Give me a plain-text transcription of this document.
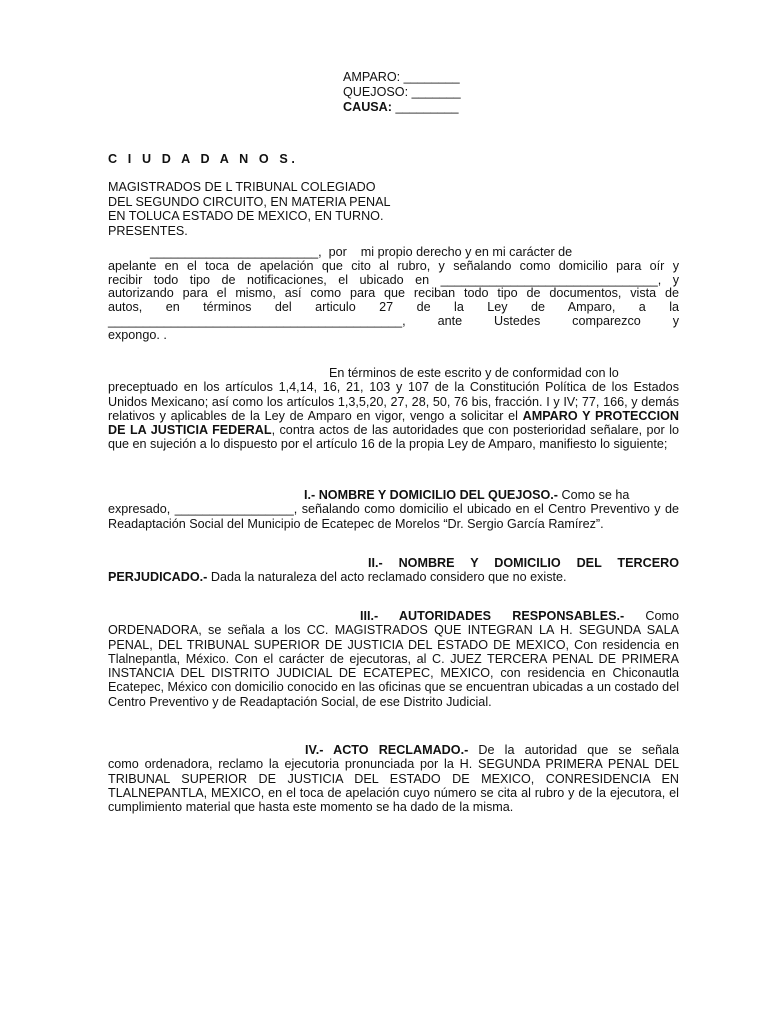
AMPARO: ________
QUEJOSO: _______
CAUSA: _________
C I U D A D A N O S.
MAGISTRADOS DE L TRIBUNAL COLEGIADO
DEL SEGUNDO CIRCUITO, EN MATERIA PENAL
EN TOLUCA ESTADO DE MEXICO, EN TURNO.
PRESENTES.
________________________,  por    mi propio derecho y en mi carácter de
apelante en el toca de apelación que cito al rubro, y señalando como domicilio para oír y
recibir todo tipo de notificaciones, el ubicado en _______________________________, y
autorizando para el mismo, así como para que reciban todo tipo de documentos, vista de
autos, en términos del articulo 27 de la Ley de Amparo, a la
__________________________________________, ante Ustedes comparezco y
expongo. .
En términos de este escrito y de conformidad con lo
preceptuado en los artículos 1,4,14, 16, 21, 103 y 107 de la Constitución Política de los Estados Unidos Mexicano; así como los artículos 1,3,5,20, 27, 28, 50, 76 bis, fracción. I y IV; 77, 166, y demás relativos y aplicables de la Ley de Amparo en vigor, vengo a solicitar el AMPARO Y PROTECCION DE LA JUSTICIA FEDERAL, contra actos de las autoridades que con posterioridad señalare, por lo que en sujeción a lo dispuesto por el artículo 16 de la propia Ley de Amparo, manifiesto lo siguiente;
I.- NOMBRE Y DOMICILIO DEL QUEJOSO.- Como se ha
expresado, _________________, señalando como domicilio el ubicado en el Centro Preventivo y de Readaptación Social del Municipio de Ecatepec de Morelos “Dr. Sergio García Ramírez”.
II.- NOMBRE Y DOMICILIO DEL TERCERO
PERJUDICADO.- Dada la naturaleza del acto reclamado considero que no existe.
III.- AUTORIDADES RESPONSABLES.- Como
ORDENADORA, se señala a los CC. MAGISTRADOS QUE INTEGRAN LA H. SEGUNDA SALA PENAL, DEL TRIBUNAL SUPERIOR DE JUSTICIA DEL ESTADO DE MEXICO, Con residencia en Tlalnepantla, México. Con el carácter de ejecutoras, al C. JUEZ TERCERA PENAL DE PRIMERA INSTANCIA DEL DISTRITO JUDICIAL DE ECATEPEC, MEXICO, con residencia en Chiconautla Ecatepec, México con domicilio conocido en las oficinas que se encuentran ubicadas a un costado del Centro Preventivo y de Readaptación Social, de ese Distrito Judicial.
IV.- ACTO RECLAMADO.- De la autoridad que se señala
como ordenadora, reclamo la ejecutoria pronunciada por la H. SEGUNDA PRIMERA PENAL DEL TRIBUNAL SUPERIOR DE JUSTICIA DEL ESTADO DE MEXICO, CONRESIDENCIA EN TLALNEPANTLA, MEXICO, en el toca de apelación cuyo número se cita al rubro y de la ejecutora, el cumplimiento material que hasta este momento se ha dado de la misma.
